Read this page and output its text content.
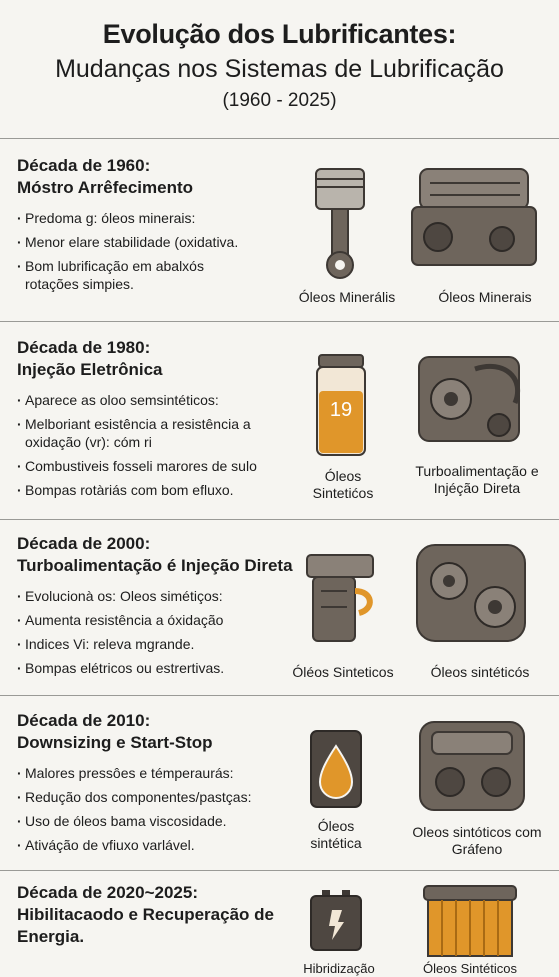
Evolução dos Lubrificantes:
Mudanças nos Sistemas de Lubrificação
(1960 - 2025)
Década de 1960:
Móstro Arrêfecimento
· Predoma g: óleos minerais:
· Menor elare stabilidade (oxidativa.
· Bom lubrificação em abalxós rotações simpies.
Óleos Minerális	Óleos Minerais
Década de 1980:
Injeção Eletrônica
· Aparece as oloo semsintéticos:
· Melboriant esistência a resistência a oxidação (vr): cóm ri
· Combustiveis fosseli marores de sulo
· Bompas rotàriás com bom efluxo.
19
Óleos Sintetićos
Turboalimentação e Injéção Direta
Década de 2000:
Turboalimentação é Injeção Direta
· Evolucionà os: Oleos simétiços:
· Aumenta resistência a óxidação
· Indices Vi: releva mgrande.
· Bompas elétricos ou estrertivas.	Óléos Sinteticos	Óleos sintéticós
Década de 2010:
Downsizing e Start-Stop
· Malores pressôes e témperaurás:
· Redução dos componentes/pastças:
· Uso de óleos bama viscosidade.
· Ativáção de vfiuxo varlável.
Óleos sintética
Oleos sintóticos com Gráfeno
Década de 2020~2025:
Hibilitacaodo e Recuperação de Energia.
Hibridização	Óleos Sintéticos
